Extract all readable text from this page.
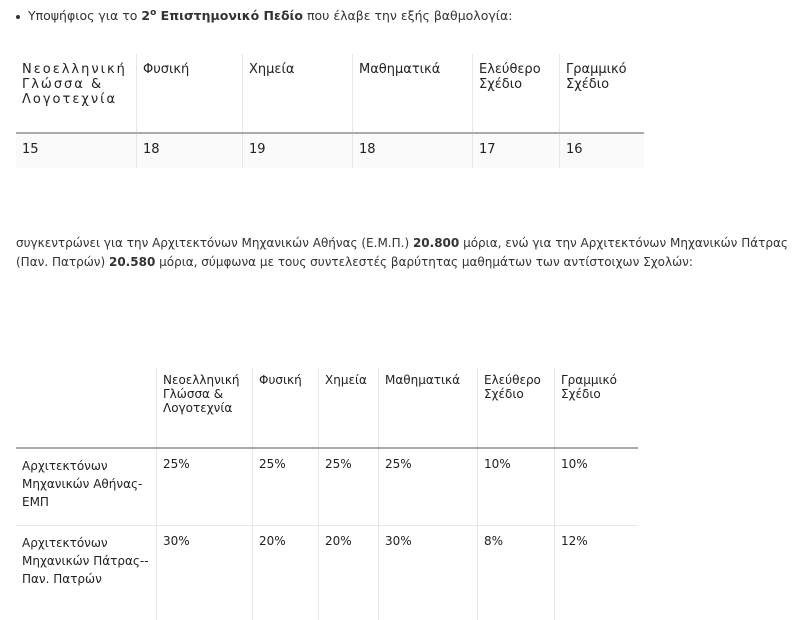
Υποψήφιος για το $2^o$ Επιστημονικό Πεδίο που έλαβε την εξής βαθμολογία:
Νεοελληνική Γλώσσα & Λογοτεχνία	Φυσική	Χημεία	Μαθηματικά	Ελεύθερο Σχέδιο	Γραμμικό Σχέδιο
15	18	19	18	17	16
συγκεντρώνει για την Αρχιτεκτόνων Μηχανικών Αθήνας (Ε.Μ.Π.) 20.800 μόρια, ενώ για την Αρχιτεκτόνων Μηχανικών Πάτρας (Παν. Πατρών) 20.580 μόρια, σύμφωνα με τους συντελεστές βαρύτητας μαθημάτων των αντίστοιχων Σχολών:
	Νεοελληνική Γλώσσα & Λογοτεχνία	Φυσική	Χημεία	Μαθηματικά	Ελεύθερο Σχέδιο	Γραμμικό Σχέδιο
Αρχιτεκτόνων Μηχανικών Αθήνας-ΕΜΠ	25%	25%	25%	25%	10%	10%
Αρχιτεκτόνων Μηχανικών Πάτρας--Παν. Πατρών	30%	20%	20%	30%	8%	12%
